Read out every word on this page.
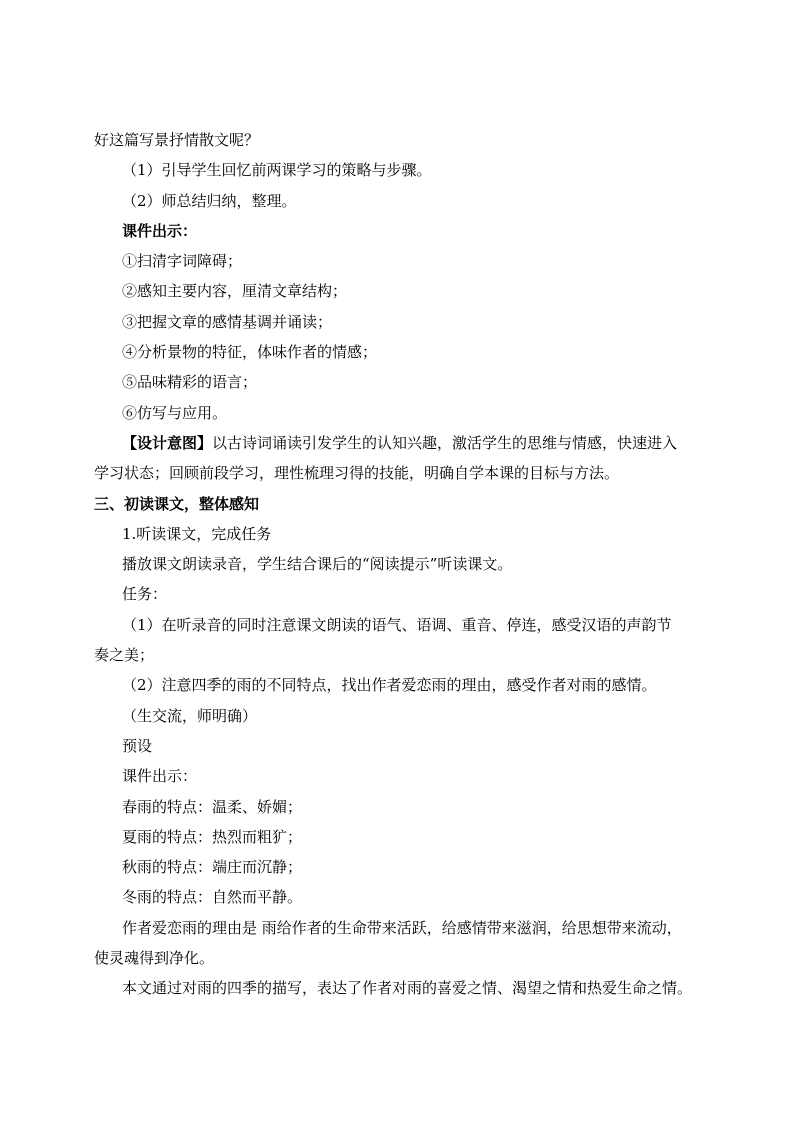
好这篇写景抒情散文呢？

（1）引导学生回忆前两课学习的策略与步骤。

（2）师总结归纳，整理。

课件出示：

①扫清字词障碍；

②感知主要内容，厘清文章结构；

③把握文章的感情基调并诵读；

④分析景物的特征，体味作者的情感；

⑤品味精彩的语言；

⑥仿写与应用。

【设计意图】以古诗词诵读引发学生的认知兴趣，激活学生的思维与情感，快速进入

学习状态；回顾前段学习，理性梳理习得的技能，明确自学本课的目标与方法。

三、初读课文，整体感知

1.听读课文，完成任务

播放课文朗读录音，学生结合课后的“阅读提示”听读课文。

任务：

（1）在听录音的同时注意课文朗读的语气、语调、重音、停连，感受汉语的声韵节

奏之美；

（2）注意四季的雨的不同特点，找出作者爱恋雨的理由，感受作者对雨的感情。

（生交流，师明确）

预设

课件出示：

春雨的特点：温柔、娇媚；

夏雨的特点：热烈而粗犷；

秋雨的特点：端庄而沉静；

冬雨的特点：自然而平静。

作者爱恋雨的理由是 雨给作者的生命带来活跃，给感情带来滋润，给思想带来流动，

使灵魂得到净化。

本文通过对雨的四季的描写，表达了作者对雨的喜爱之情、渴望之情和热爱生命之情。
